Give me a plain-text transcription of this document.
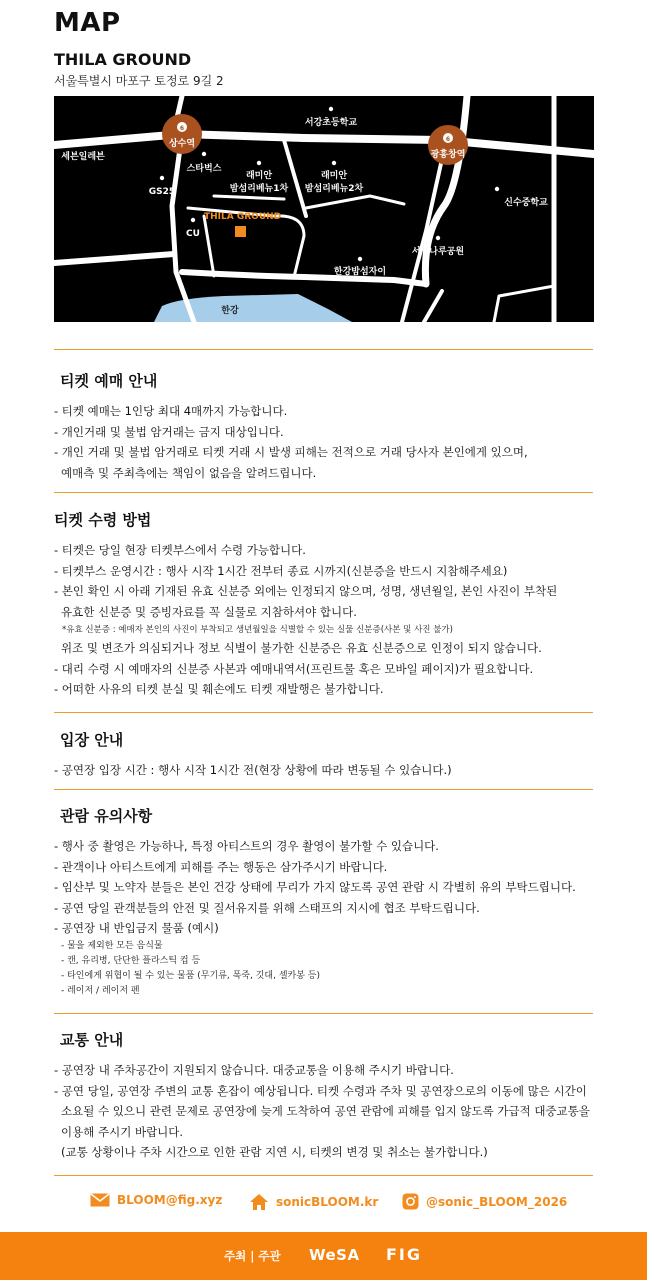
MAP
THILA GROUND
서울특별시 마포구 토정로 9길 2
6
상수역	6
광흥창역
서강초등학교
세븐일레븐
스타벅스
래미안
밤섬리베뉴1차
래미안
밤섬리베뉴2차
GS25
신수중학교
CU
서강나루공원
한강밤섬자이
THILA GROUND
한강
티켓 예매 안내
- 티켓 예매는 1인당 최대 4매까지 가능합니다.
- 개인거래 및 불법 암거래는 금지 대상입니다.
- 개인 거래 및 불법 암거래로 티켓 거래 시 발생 피해는 전적으로 거래 당사자 본인에게 있으며,
예매측 및 주최측에는 책임이 없음을 알려드립니다.
티켓 수령 방법
- 티켓은 당일 현장 티켓부스에서 수령 가능합니다.
- 티켓부스 운영시간 : 행사 시작 1시간 전부터 종료 시까지(신분증을 반드시 지참해주세요)
- 본인 확인 시 아래 기재된 유효 신분증 외에는 인정되지 않으며, 성명, 생년월일, 본인 사진이 부착된
유효한 신분증 및 증빙자료를 꼭 실물로 지참하셔야 합니다.
*유효 신분증 : 예매자 본인의 사진이 부착되고 생년월일을 식별할 수 있는 실물 신분증(사본 및 사진 불가)
위조 및 변조가 의심되거나 정보 식별이 불가한 신분증은 유효 신분증으로 인정이 되지 않습니다.
- 대리 수령 시 예매자의 신분증 사본과 예매내역서(프린트물 혹은 모바일 페이지)가 필요합니다.
- 어떠한 사유의 티켓 분실 및 훼손에도 티켓 재발행은 불가합니다.
입장 안내
- 공연장 입장 시간 : 행사 시작 1시간 전(현장 상황에 따라 변동될 수 있습니다.)
관람 유의사항
- 행사 중 촬영은 가능하나, 특정 아티스트의 경우 촬영이 불가할 수 있습니다.
- 관객이나 아티스트에게 피해를 주는 행동은 삼가주시기 바랍니다.
- 임산부 및 노약자 분들은 본인 건강 상태에 무리가 가지 않도록 공연 관람 시 각별히 유의 부탁드립니다.
- 공연 당일 관객분들의 안전 및 질서유지를 위해 스태프의 지시에 협조 부탁드립니다.
- 공연장 내 반입금지 물품 (예시)
- 물을 제외한 모든 음식물
- 캔, 유리병, 단단한 플라스틱 컵 등
- 타인에게 위협이 될 수 있는 물품 (무기류, 폭죽, 깃대, 셀카봉 등)
- 레이저 / 레이저 펜
교통 안내
- 공연장 내 주차공간이 지원되지 않습니다. 대중교통을 이용해 주시기 바랍니다.
- 공연 당일, 공연장 주변의 교통 혼잡이 예상됩니다. 티켓 수령과 주차 및 공연장으로의 이동에 많은 시간이
소요될 수 있으니 관련 문제로 공연장에 늦게 도착하여 공연 관람에 피해를 입지 않도록 가급적 대중교통을
이용해 주시기 바랍니다.
(교통 상황이나 주차 시간으로 인한 관람 지연 시, 티켓의 변경 및 취소는 불가합니다.)
BLOOM@fig.xyz	sonicBLOOM.kr	@sonic_BLOOM_2026
주최 | 주관 WeSA FIG
